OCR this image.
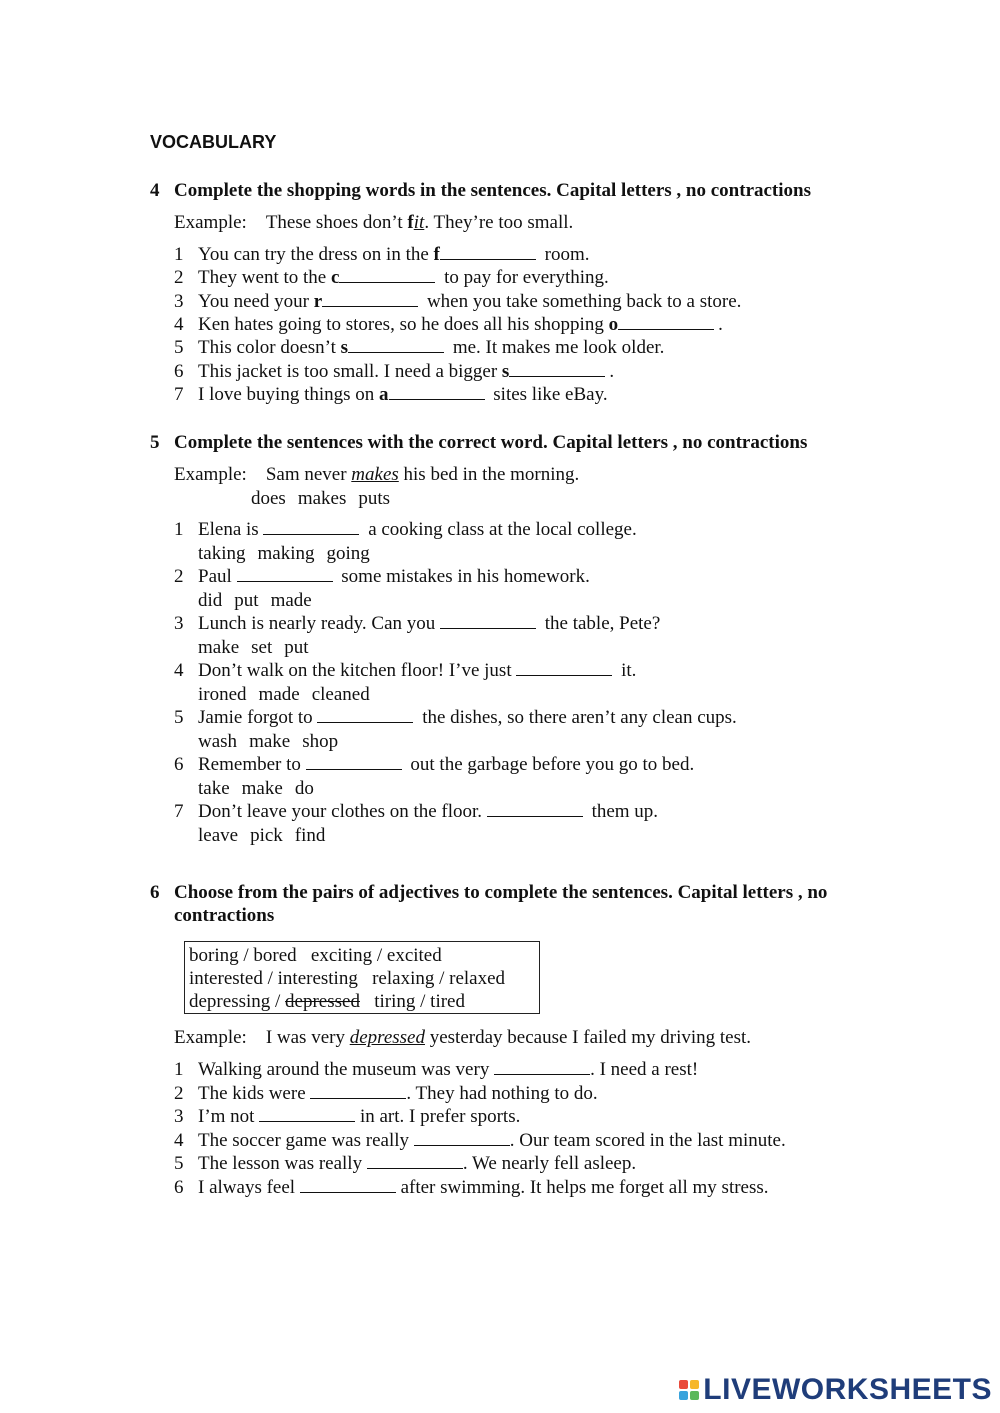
VOCABULARY
4 Complete the shopping words in the sentences. Capital letters , no contractions
Example: These shoes don’t fit. They’re too small.
1 You can try the dress on in the f	room.
2 They went to the c	to pay for everything.
3 You need your r	when you take something back to a store.
4 Ken hates going to stores, so he does all his shopping o	.
5 This color doesn’t s	me. It makes me look older.
6 This jacket is too small. I need a bigger s	.
7 I love buying things on a	sites like eBay.
5 Complete the sentences with the correct word. Capital letters , no contractions
Example: Sam never makes his bed in the morning.
does makes puts
1 Elena is	a cooking class at the local college.
taking making going
2 Paul	some mistakes in his homework.
did put made
3 Lunch is nearly ready. Can you	the table, Pete?
make set put
4 Don’t walk on the kitchen floor! I’ve just	it.
ironed made cleaned
5 Jamie forgot to	the dishes, so there aren’t any clean cups.
wash make shop
6 Remember to	out the garbage before you go to bed.
take make do
7 Don’t leave your clothes on the floor.	them up.
leave pick find
6 Choose from the pairs of adjectives to complete the sentences. Capital letters , no
contractions
boring / bored exciting / excited
interested / interesting relaxing / relaxed
depressing / depressed tiring / tired
Example: I was very depressed yesterday because I failed my driving test.
1 Walking around the museum was very	. I need a rest!
2 The kids were	. They had nothing to do.
3 I’m not	in art. I prefer sports.
4 The soccer game was really	. Our team scored in the last minute.
5 The lesson was really	. We nearly fell asleep.
6 I always feel	after swimming. It helps me forget all my stress.
LIVEWORKSHEETS
